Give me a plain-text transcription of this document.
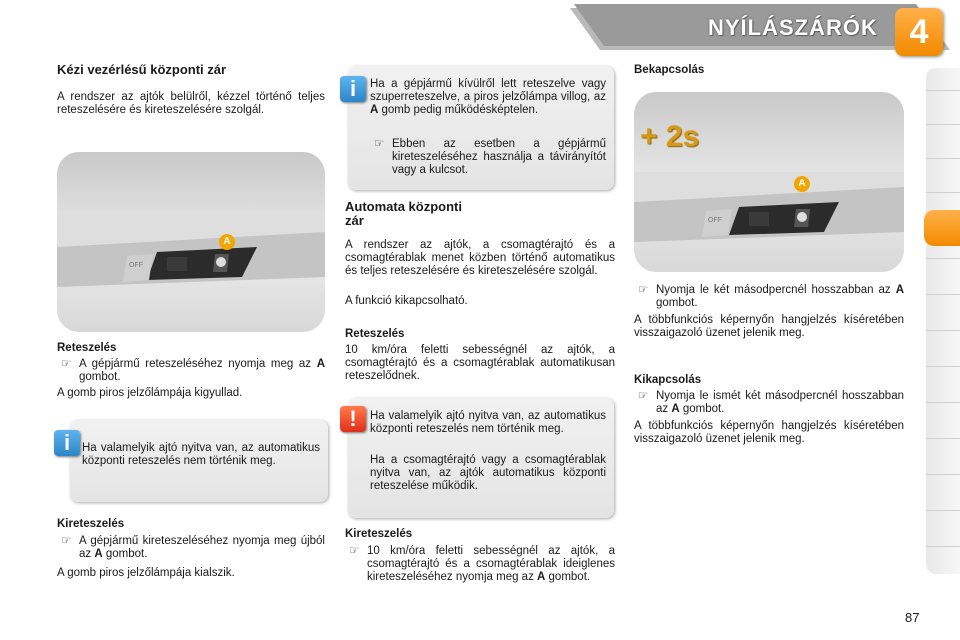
NYÍLÁSZÁRÓK 4
Kézi vezérlésű központi zár

A rendszer az ajtók belülről, kézzel történő teljes reteszelésére és kireteszelésére szolgál.

A
OFF
Reteszelés
☞ A gépjármű reteszeléséhez nyomja meg az A gombot.

A gomb piros jelzőlámpája kigyullad.

Ha valamelyik ajtó nyitva van, az automatikus központi reteszelés nem történik meg.

i
Kireteszelés
☞ A gépjármű kireteszeléséhez nyomja meg újból az A gombot.

A gomb piros jelzőlámpája kialszik.

Ha a gépjármű kívülről lett reteszelve vagy szuperreteszelve, a piros jelzőlámpa villog, az A gomb pedig működésképtelen.

☞ Ebben az esetben a gépjármű kireteszeléséhez használja a távirányítót vagy a kulcsot.
i
Automata központi
zár

A rendszer az ajtók, a csomagtérajtó és a csomagtérablak menet közben történő automatikus és teljes reteszelésére és kireteszelésére szolgál.

A funkció kikapcsolható.

Reteszelés

10 km/óra feletti sebességnél az ajtók, a csomagtérajtó és a csomagtérablak automatikusan reteszelődnek.

Ha valamelyik ajtó nyitva van, az automatikus központi reteszelés nem történik meg.

Ha a csomagtérajtó vagy a csomagtérablak nyitva van, az ajtók automatikus központi reteszelése működik.

!
Kireteszelés
☞ 10 km/óra feletti sebességnél az ajtók, a csomagtérajtó és a csomagtérablak ideiglenes kireteszeléséhez nyomja meg az A gombot.
Bekapcsolás
+ 2s
A
OFF
☞ Nyomja le két másodpercnél hosszabban az A gombot.

A többfunkciós képernyőn hangjelzés kíséretében visszaigazoló üzenet jelenik meg.

Kikapcsolás
☞ Nyomja le ismét két másodpercnél hosszabban az A gombot.

A többfunkciós képernyőn hangjelzés kíséretében visszaigazoló üzenet jelenik meg.

87
